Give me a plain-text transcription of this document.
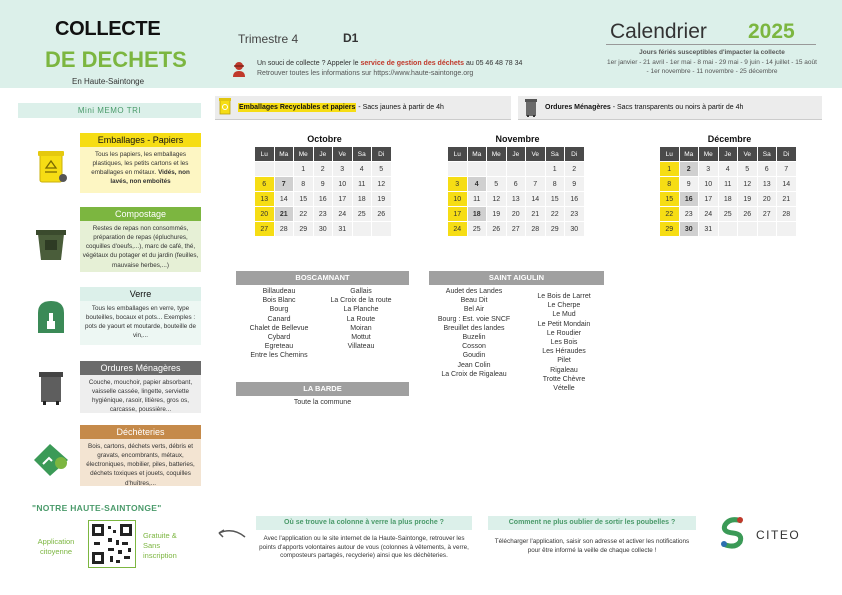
COLLECTE
DE DECHETS
En Haute-Saintonge
Trimestre 4	D1
Un souci de collecte ? Appeler le service de gestion des déchets au 05 46 48 78 34
Retrouver toutes les informations sur https://www.haute-saintonge.org
Calendrier 2025
Jours fériés susceptibles d'impacter la collecte
1er janvier - 21 avril - 1er mai - 8 mai - 29 mai - 9 juin - 14 juillet - 15 août - 1er novembre - 11 novembre - 25 décembre
Mini MEMO TRI	Emballages Recyclables et papiers - Sacs jaunes à partir de 4h	Ordures Ménagères - Sacs transparents ou noirs à partir de 4h
Emballages - Papiers
Tous les papiers, les emballages plastiques, les petits cartons et les emballages en métaux. Vidés, non lavés, non emboîtés
Compostage
Restes de repas non consommés, préparation de repas (épluchures, coquilles d'oeufs,...), marc de café, thé, végétaux du potager et du jardin (feuilles, mauvaise herbes,...)
Verre
Tous les emballages en verre, type bouteilles, bocaux et pots... Exemples : pots de yaourt et moutarde, bouteille de vin,...
Ordures Ménagères
Couche, mouchoir, papier absorbant, vaisselle cassée, lingette, serviette hygiénique, rasoir, litières, gros os, carcasse, poussière...
Déchèteries
Bois, cartons, déchets verts, débris et gravats, encombrants, métaux, électroniques, mobilier, piles, batteries, déchets toxiques et jouets, coquilles d'huîtres,...
Octobre
Lu	Ma	Me	Je	Ve	Sa	Di
		1	2	3	4	5
6	7	8	9	10	11	12
13	14	15	16	17	18	19
20	21	22	23	24	25	26
27	28	29	30	31		
Novembre
Lu	Ma	Me	Je	Ve	Sa	Di
					1	2
3	4	5	6	7	8	9
10	11	12	13	14	15	16
17	18	19	20	21	22	23
24	25	26	27	28	29	30
Décembre
Lu	Ma	Me	Je	Ve	Sa	Di
1	2	3	4	5	6	7
8	9	10	11	12	13	14
15	16	17	18	19	20	21
22	23	24	25	26	27	28
29	30	31				
BOSCAMNANT
Billaudeau
Bois Blanc
Bourg
Canard
Chalet de Bellevue
Cybard
Egreteau
Entre les Chemins
Gallais
La Croix de la route
La Planche
La Route
Moiran
Mottut
Villateau
LA BARDE
Toute la commune
SAINT AIGULIN
Audet des Landes
Beau Dit
Bel Air
Bourg : Est. voie SNCF
Breuillet des landes
Buzelin
Cosson
Goudin
Jean Colin
La Croix de Rigaleau
Le Bois de Larret
Le Cherpe
Le Mud
Le Petit Mondain
Le Roudier
Les Bois
Les Héraudes
Pilet
Rigaleau
Trotte Chèvre
Vételle
"NOTRE HAUTE-SAINTONGE"
Application citoyenne
Gratuite & Sans inscription
Où se trouve la colonne à verre la plus proche ?
Avec l'application ou le site internet de la Haute-Saintonge, retrouver les points d'apports volontaires autour de vous (colonnes à vêtements, à verre, composteurs partagés, recyclerie) ainsi que les déchèteries.
Comment ne plus oublier de sortir les poubelles ?
Télécharger l'application, saisir son adresse et activer les notifications pour être informé la veille de chaque collecte !
CITEO
